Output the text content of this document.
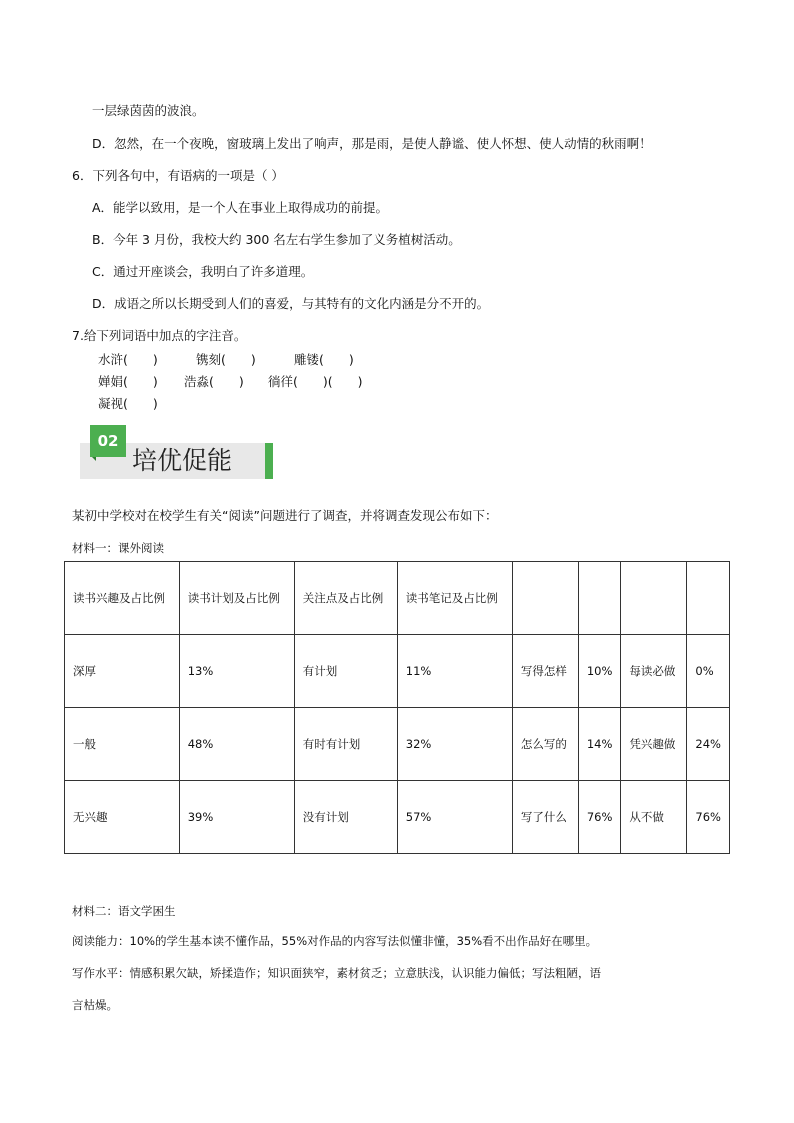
一层绿茵茵的波浪。
D．忽然，在一个夜晚，窗玻璃上发出了响声，那是雨，是使人静谧、使人怀想、使人动情的秋雨啊！
6．下列各句中，有语病的一项是（ ）
A．能学以致用，是一个人在事业上取得成功的前提。
B．今年 3 月份，我校大约 300 名左右学生参加了义务植树活动。
C．通过开座谈会，我明白了许多道理。
D．成语之所以长期受到人们的喜爱，与其特有的文化内涵是分不开的。
7.给下列词语中加点的字注音。
水浒(　　)	镌刻(　　)	雕镂(　　)
婵娟(　　) 浩淼(　　) 徜徉(　　)(　　)
凝视(　　)
02
培优促能
某初中学校对在校学生有关“阅读”问题进行了调查，并将调查发现公布如下：
材料一：课外阅读
读书兴趣及占比例	读书计划及占比例	关注点及占比例	读书笔记及占比例				
深厚	13%	有计划	11%	写得怎样	10%	每读必做	0%
一般	48%	有时有计划	32%	怎么写的	14%	凭兴趣做	24%
无兴趣	39%	没有计划	57%	写了什么	76%	从不做	76%
材料二：语文学困生
阅读能力：10%的学生基本读不懂作品，55%对作品的内容写法似懂非懂，35%看不出作品好在哪里。
写作水平：情感积累欠缺，矫揉造作；知识面狭窄，素材贫乏；立意肤浅，认识能力偏低；写法粗陋，语
言枯燥。
